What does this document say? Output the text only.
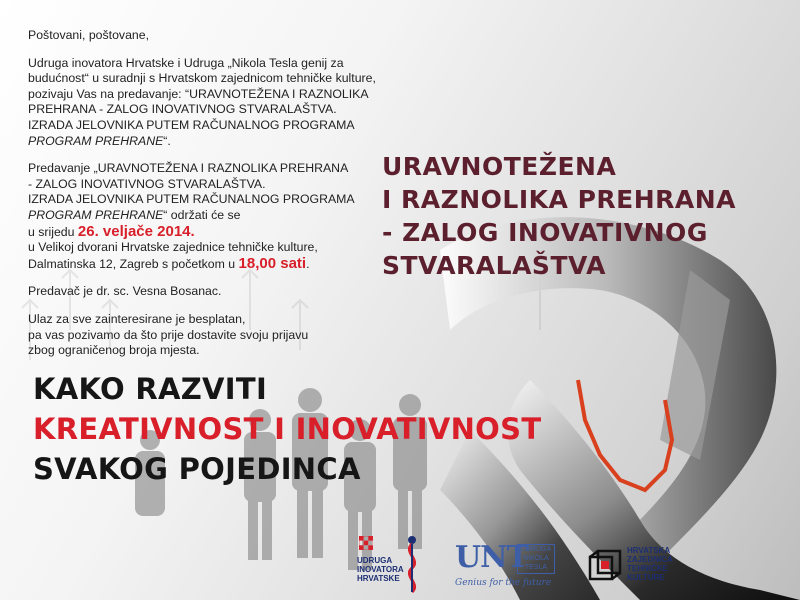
Poštovani, poštovane,

Udruga inovatora Hrvatske i Udruga „Nikola Tesla genij za budućnost“ u suradnji s Hrvatskom zajednicom tehničke kulture, pozivaju Vas na predavanje: “URAVNOTEŽENA I RAZNOLIKA PREHRANA - ZALOG INOVATIVNOG STVARALAŠTVA. IZRADA JELOVNIKA PUTEM RAČUNALNOG PROGRAMA PROGRAM PREHRANE“.

Predavanje „URAVNOTEŽENA I RAZNOLIKA PREHRANA
- ZALOG INOVATIVNOG STVARALAŠTVA.
IZRADA JELOVNIKA PUTEM RAČUNALNOG PROGRAMA
PROGRAM PREHRANE“ održati će se
u srijedu 26. veljače 2014.
u Velikoj dvorani Hrvatske zajednice tehničke kulture,
Dalmatinska 12, Zagreb s početkom u 18,00 sati.

Predavač je dr. sc. Vesna Bosanac.

Ulaz za sve zainteresirane je besplatan,
pa vas pozivamo da što prije dostavite svoju prijavu
zbog ograničenog broja mjesta.

URAVNOTEŽENA
I RAZNOLIKA PREHRANA
- ZALOG INOVATIVNOG
STVARALAŠTVA
KAKO RAZVITI
KREATIVNOST I INOVATIVNOST
SVAKOG POJEDINCA
UDRUGA
INOVATORA
HRVATSKE
UNT
UDRUGA
NIKOLA
TESLA
Genius for the future
HRVATSKA
ZAJEDNICA
TEHNIČKE
KULTURE
